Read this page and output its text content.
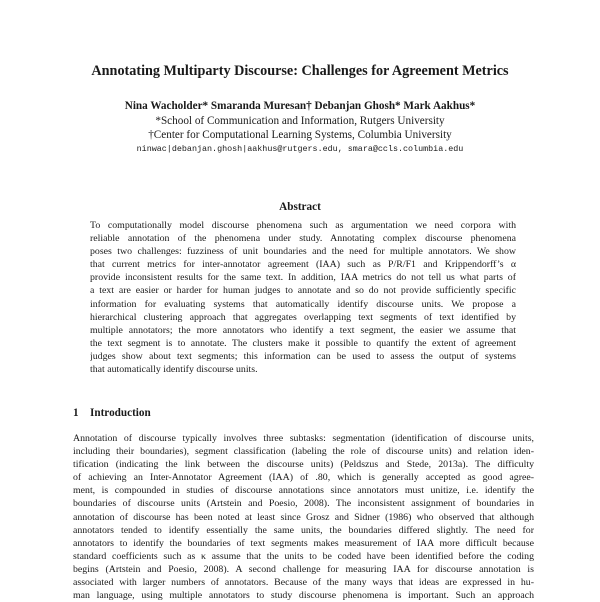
Annotating Multiparty Discourse: Challenges for Agreement Metrics
Nina Wacholder* Smaranda Muresan† Debanjan Ghosh* Mark Aakhus*
*School of Communication and Information, Rutgers University
†Center for Computational Learning Systems, Columbia University
ninwac|debanjan.ghosh|aakhus@rutgers.edu, smara@ccls.columbia.edu
Abstract
To computationally model discourse phenomena such as argumentation we need corpora with
reliable annotation of the phenomena under study. Annotating complex discourse phenomena
poses two challenges: fuzziness of unit boundaries and the need for multiple annotators. We show
that current metrics for inter-annotator agreement (IAA) such as P/R/F1 and Krippendorff’s α
provide inconsistent results for the same text. In addition, IAA metrics do not tell us what parts of
a text are easier or harder for human judges to annotate and so do not provide sufficiently specific
information for evaluating systems that automatically identify discourse units. We propose a
hierarchical clustering approach that aggregates overlapping text segments of text identified by
multiple annotators; the more annotators who identify a text segment, the easier we assume that
the text segment is to annotate. The clusters make it possible to quantify the extent of agreement
judges show about text segments; this information can be used to assess the output of systems
that automatically identify discourse units.
1 Introduction
Annotation of discourse typically involves three subtasks: segmentation (identification of discourse units,
including their boundaries), segment classification (labeling the role of discourse units) and relation iden-
tification (indicating the link between the discourse units) (Peldszus and Stede, 2013a). The difficulty
of achieving an Inter-Annotator Agreement (IAA) of .80, which is generally accepted as good agree-
ment, is compounded in studies of discourse annotations since annotators must unitize, i.e. identify the
boundaries of discourse units (Artstein and Poesio, 2008). The inconsistent assignment of boundaries in
annotation of discourse has been noted at least since Grosz and Sidner (1986) who observed that although
annotators tended to identify essentially the same units, the boundaries differed slightly. The need for
annotators to identify the boundaries of text segments makes measurement of IAA more difficult because
standard coefficients such as κ assume that the units to be coded have been identified before the coding
begins (Artstein and Poesio, 2008). A second challenge for measuring IAA for discourse annotation is
associated with larger numbers of annotators. Because of the many ways that ideas are expressed in hu-
man language, using multiple annotators to study discourse phenomena is important. Such an approach
